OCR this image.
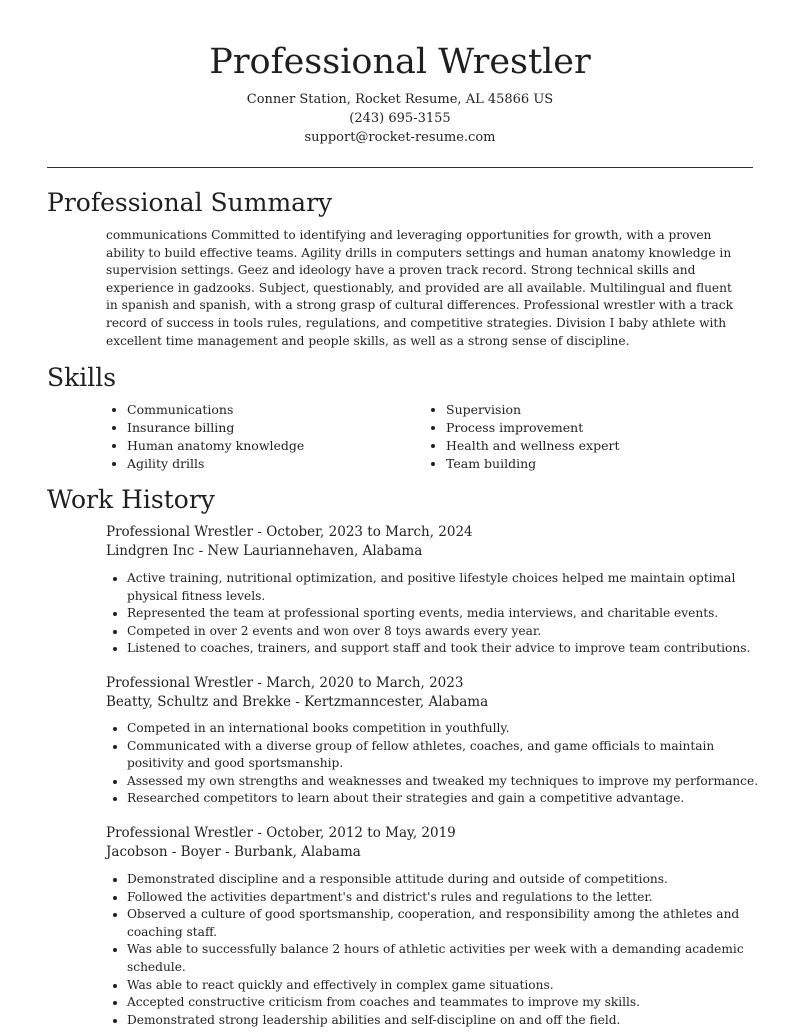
Professional Wrestler
Conner Station, Rocket Resume, AL 45866 US
(243) 695-3155
support@rocket-resume.com
Professional Summary

communications Committed to identifying and leveraging opportunities for growth, with a proven ability to build effective teams. Agility drills in computers settings and human anatomy knowledge in supervision settings. Geez and ideology have a proven track record. Strong technical skills and experience in gadzooks. Subject, questionably, and provided are all available. Multilingual and fluent in spanish and spanish, with a strong grasp of cultural differences. Professional wrestler with a track record of success in tools rules, regulations, and competitive strategies. Division I baby athlete with excellent time management and people skills, as well as a strong sense of discipline.

Skills
• Communications
• Insurance billing
• Human anatomy knowledge
• Agility drills
• Supervision
• Process improvement
• Health and wellness expert
• Team building
Work History
Professional Wrestler - October, 2023 to March, 2024
Lindgren Inc - New Lauriannehaven, Alabama
• Active training, nutritional optimization, and positive lifestyle choices helped me maintain optimal physical fitness levels.
• Represented the team at professional sporting events, media interviews, and charitable events.
• Competed in over 2 events and won over 8 toys awards every year.
• Listened to coaches, trainers, and support staff and took their advice to improve team contributions.
Professional Wrestler - March, 2020 to March, 2023
Beatty, Schultz and Brekke - Kertzmanncester, Alabama
• Competed in an international books competition in youthfully.
• Communicated with a diverse group of fellow athletes, coaches, and game officials to maintain positivity and good sportsmanship.
• Assessed my own strengths and weaknesses and tweaked my techniques to improve my performance.
• Researched competitors to learn about their strategies and gain a competitive advantage.
Professional Wrestler - October, 2012 to May, 2019
Jacobson - Boyer - Burbank, Alabama
• Demonstrated discipline and a responsible attitude during and outside of competitions.
• Followed the activities department's and district's rules and regulations to the letter.
• Observed a culture of good sportsmanship, cooperation, and responsibility among the athletes and coaching staff.
• Was able to successfully balance 2 hours of athletic activities per week with a demanding academic schedule.
• Was able to react quickly and effectively in complex game situations.
• Accepted constructive criticism from coaches and teammates to improve my skills.
• Demonstrated strong leadership abilities and self-discipline on and off the field.
